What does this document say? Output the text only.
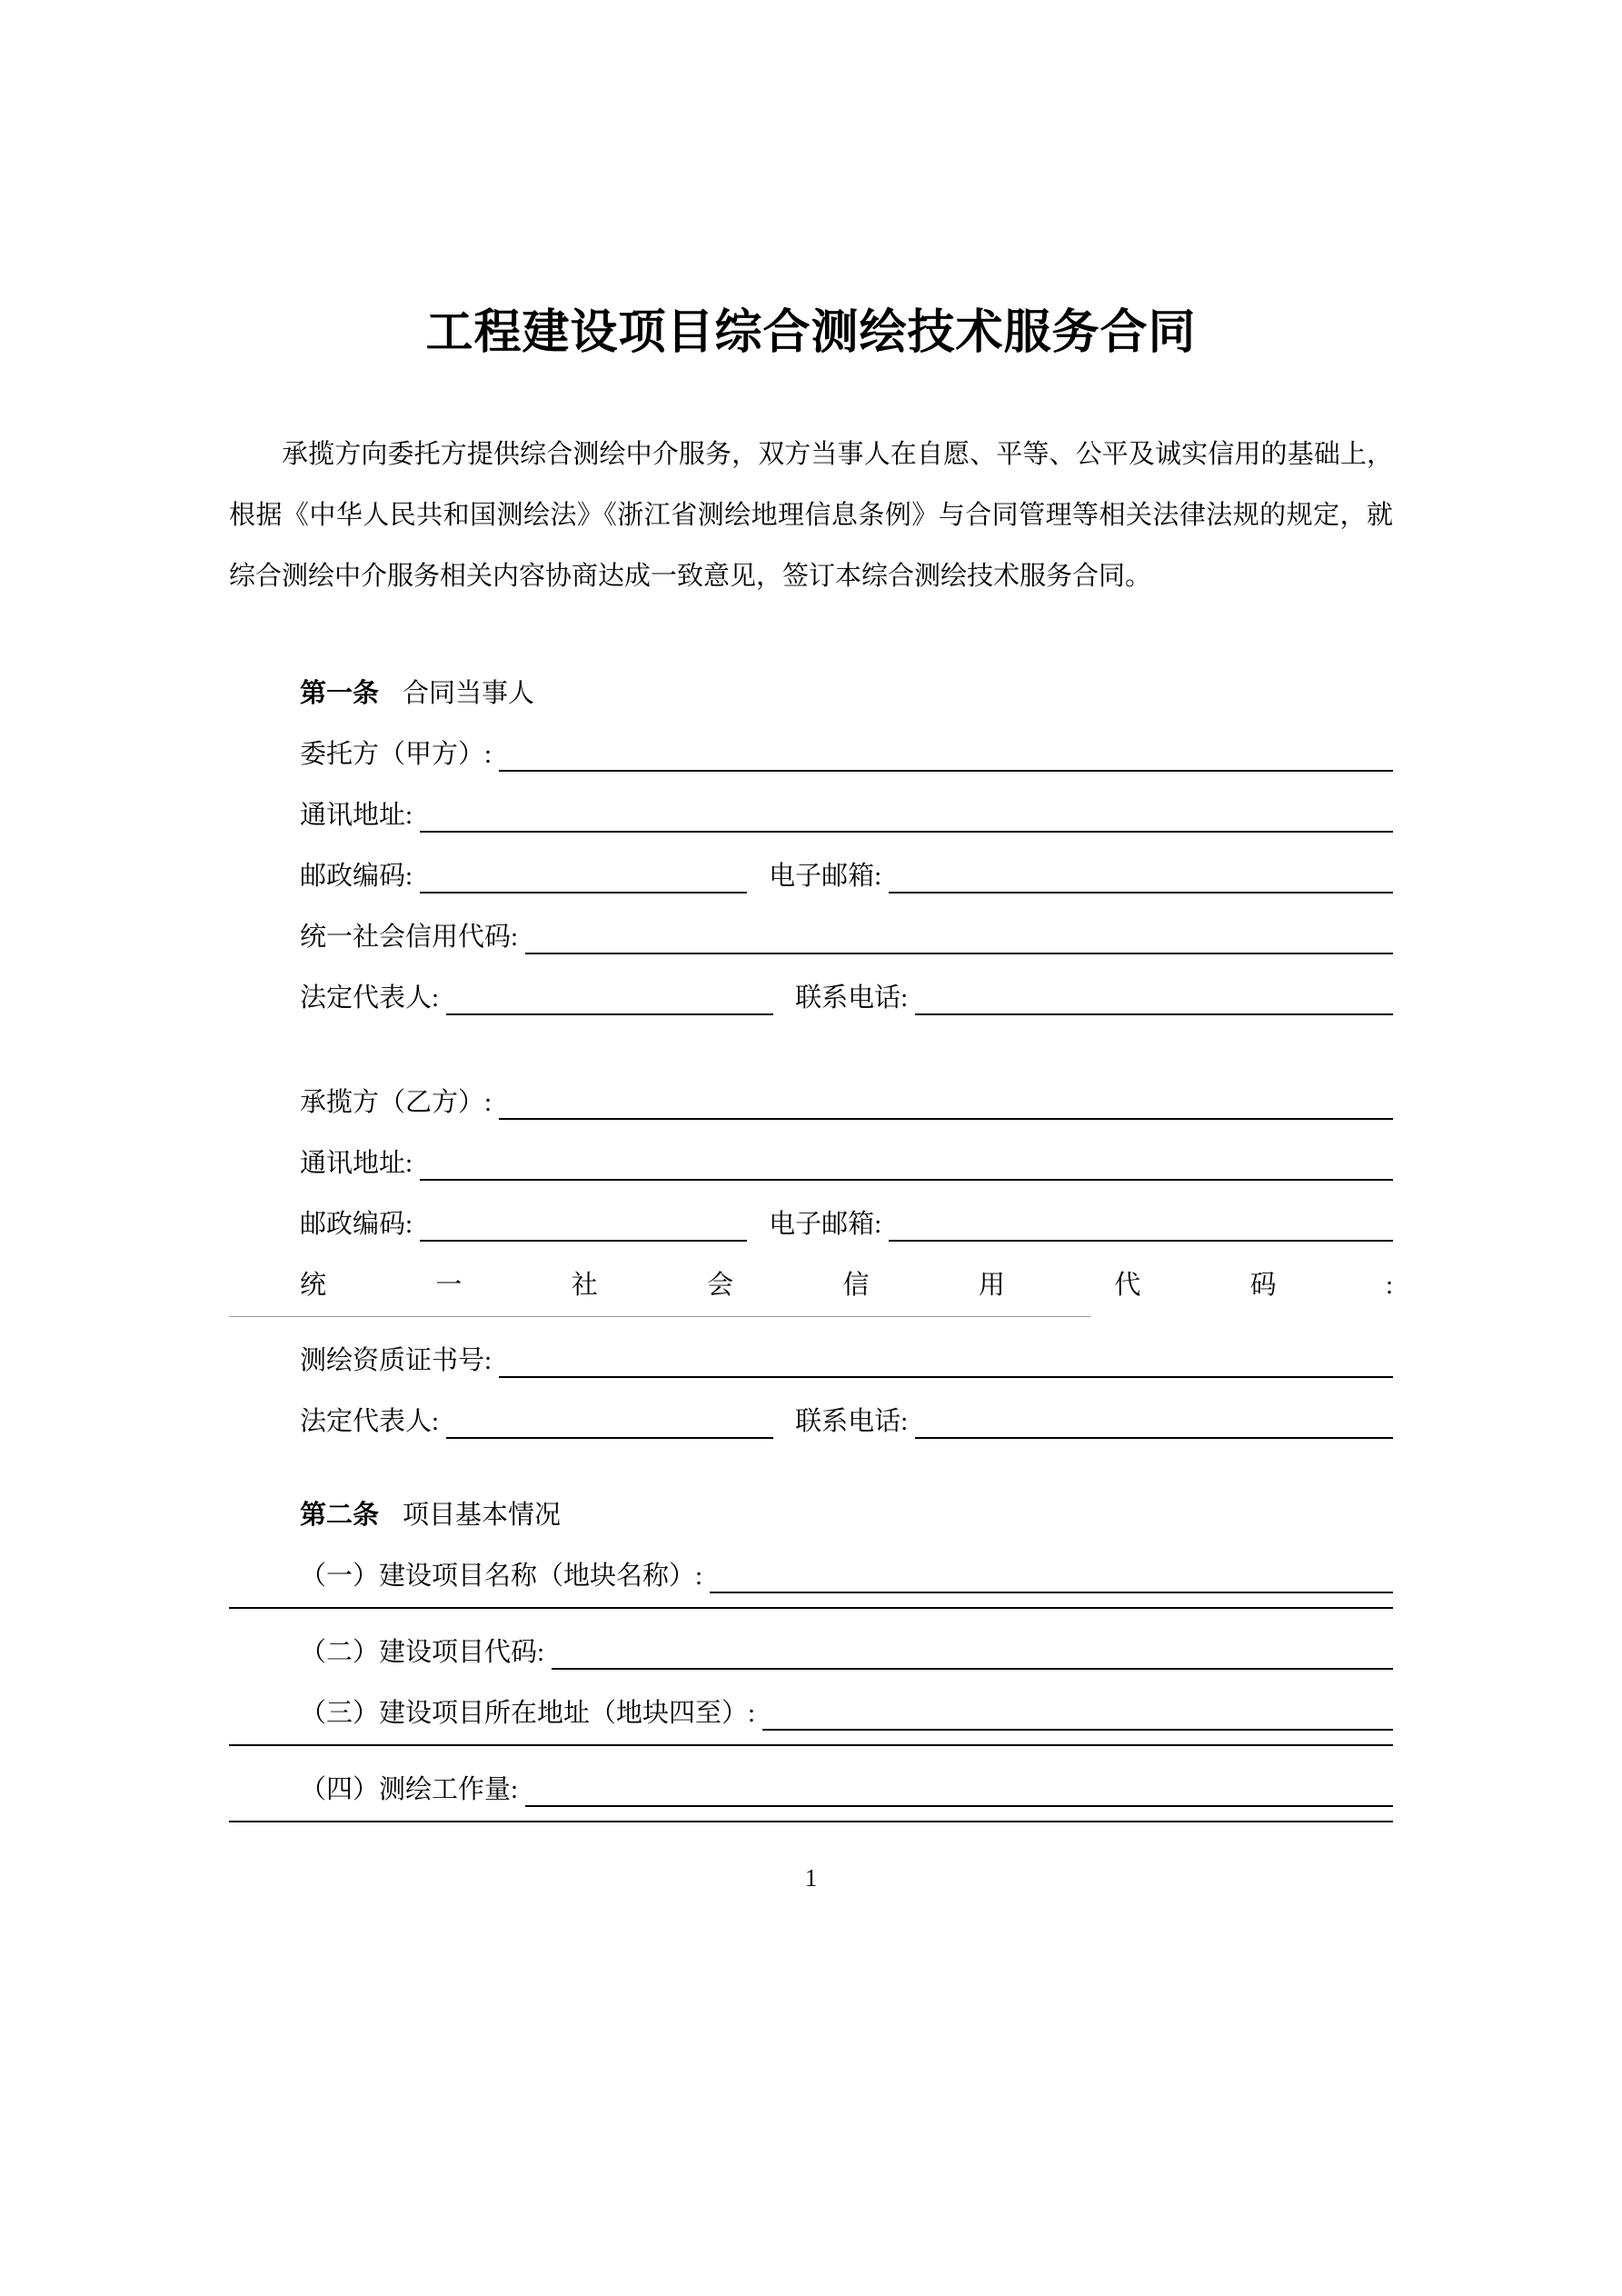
工程建设项目综合测绘技术服务合同

承揽方向委托方提供综合测绘中介服务，双方当事人在自愿、平等、公平及诚实信用的基础上，根据《中华人民共和国测绘法》《浙江省测绘地理信息条例》与合同管理等相关法律法规的规定，就综合测绘中介服务相关内容协商达成一致意见，签订本综合测绘技术服务合同。

第一条 合同当事人
委托方（甲方）:
通讯地址:
邮政编码:	电子邮箱:
统一社会信用代码:
法定代表人:	联系电话:
承揽方（乙方）:
通讯地址:
邮政编码:	电子邮箱:
统一社会信用代码:
测绘资质证书号:
法定代表人:	联系电话:
第二条 项目基本情况
（一）建设项目名称（地块名称）:
（二）建设项目代码:
（三）建设项目所在地址（地块四至）:
（四）测绘工作量:
1
